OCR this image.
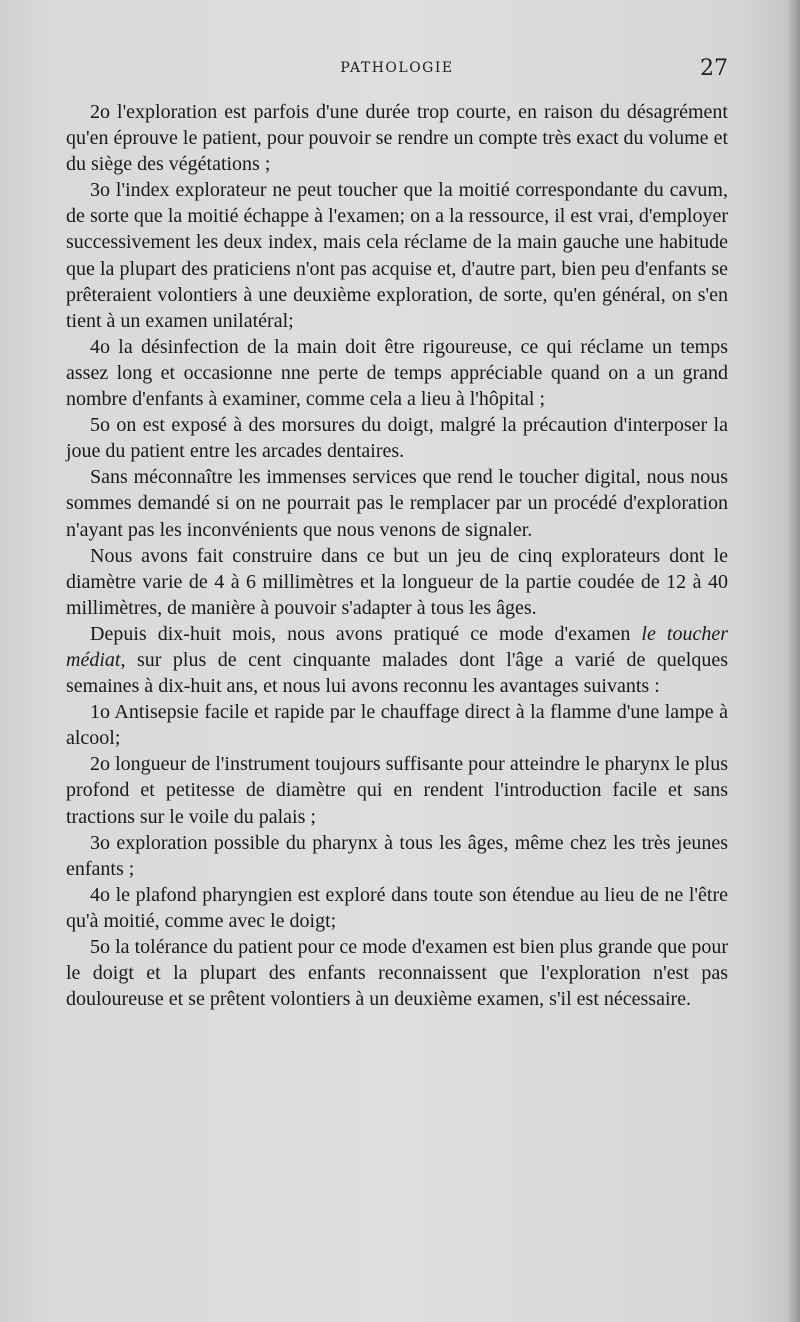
PATHOLOGIE	27

2o l'exploration est parfois d'une durée trop courte, en raison du désagrément qu'en éprouve le patient, pour pouvoir se rendre un compte très exact du volume et du siège des végétations ;

3o l'index explorateur ne peut toucher que la moitié correspondante du cavum, de sorte que la moitié échappe à l'examen; on a la ressource, il est vrai, d'employer successivement les deux index, mais cela réclame de la main gauche une habitude que la plupart des praticiens n'ont pas acquise et, d'autre part, bien peu d'enfants se prêteraient volontiers à une deuxième exploration, de sorte, qu'en général, on s'en tient à un examen unilatéral;

4o la désinfection de la main doit être rigoureuse, ce qui réclame un temps assez long et occasionne nne perte de temps appréciable quand on a un grand nombre d'enfants à examiner, comme cela a lieu à l'hôpital ;

5o on est exposé à des morsures du doigt, malgré la précaution d'interposer la joue du patient entre les arcades dentaires.

Sans méconnaître les immenses services que rend le toucher digital, nous nous sommes demandé si on ne pourrait pas le remplacer par un procédé d'exploration n'ayant pas les inconvénients que nous venons de signaler.

Nous avons fait construire dans ce but un jeu de cinq explorateurs dont le diamètre varie de 4 à 6 millimètres et la longueur de la partie coudée de 12 à 40 millimètres, de manière à pouvoir s'adapter à tous les âges.

Depuis dix-huit mois, nous avons pratiqué ce mode d'examen le toucher médiat, sur plus de cent cinquante malades dont l'âge a varié de quelques semaines à dix-huit ans, et nous lui avons reconnu les avantages suivants :

1o Antisepsie facile et rapide par le chauffage direct à la flamme d'une lampe à alcool;

2o longueur de l'instrument toujours suffisante pour atteindre le pharynx le plus profond et petitesse de diamètre qui en rendent l'introduction facile et sans tractions sur le voile du palais ;

3o exploration possible du pharynx à tous les âges, même chez les très jeunes enfants ;

4o le plafond pharyngien est exploré dans toute son étendue au lieu de ne l'être qu'à moitié, comme avec le doigt;

5o la tolérance du patient pour ce mode d'examen est bien plus grande que pour le doigt et la plupart des enfants reconnaissent que l'exploration n'est pas douloureuse et se prêtent volontiers à un deuxième examen, s'il est nécessaire.
